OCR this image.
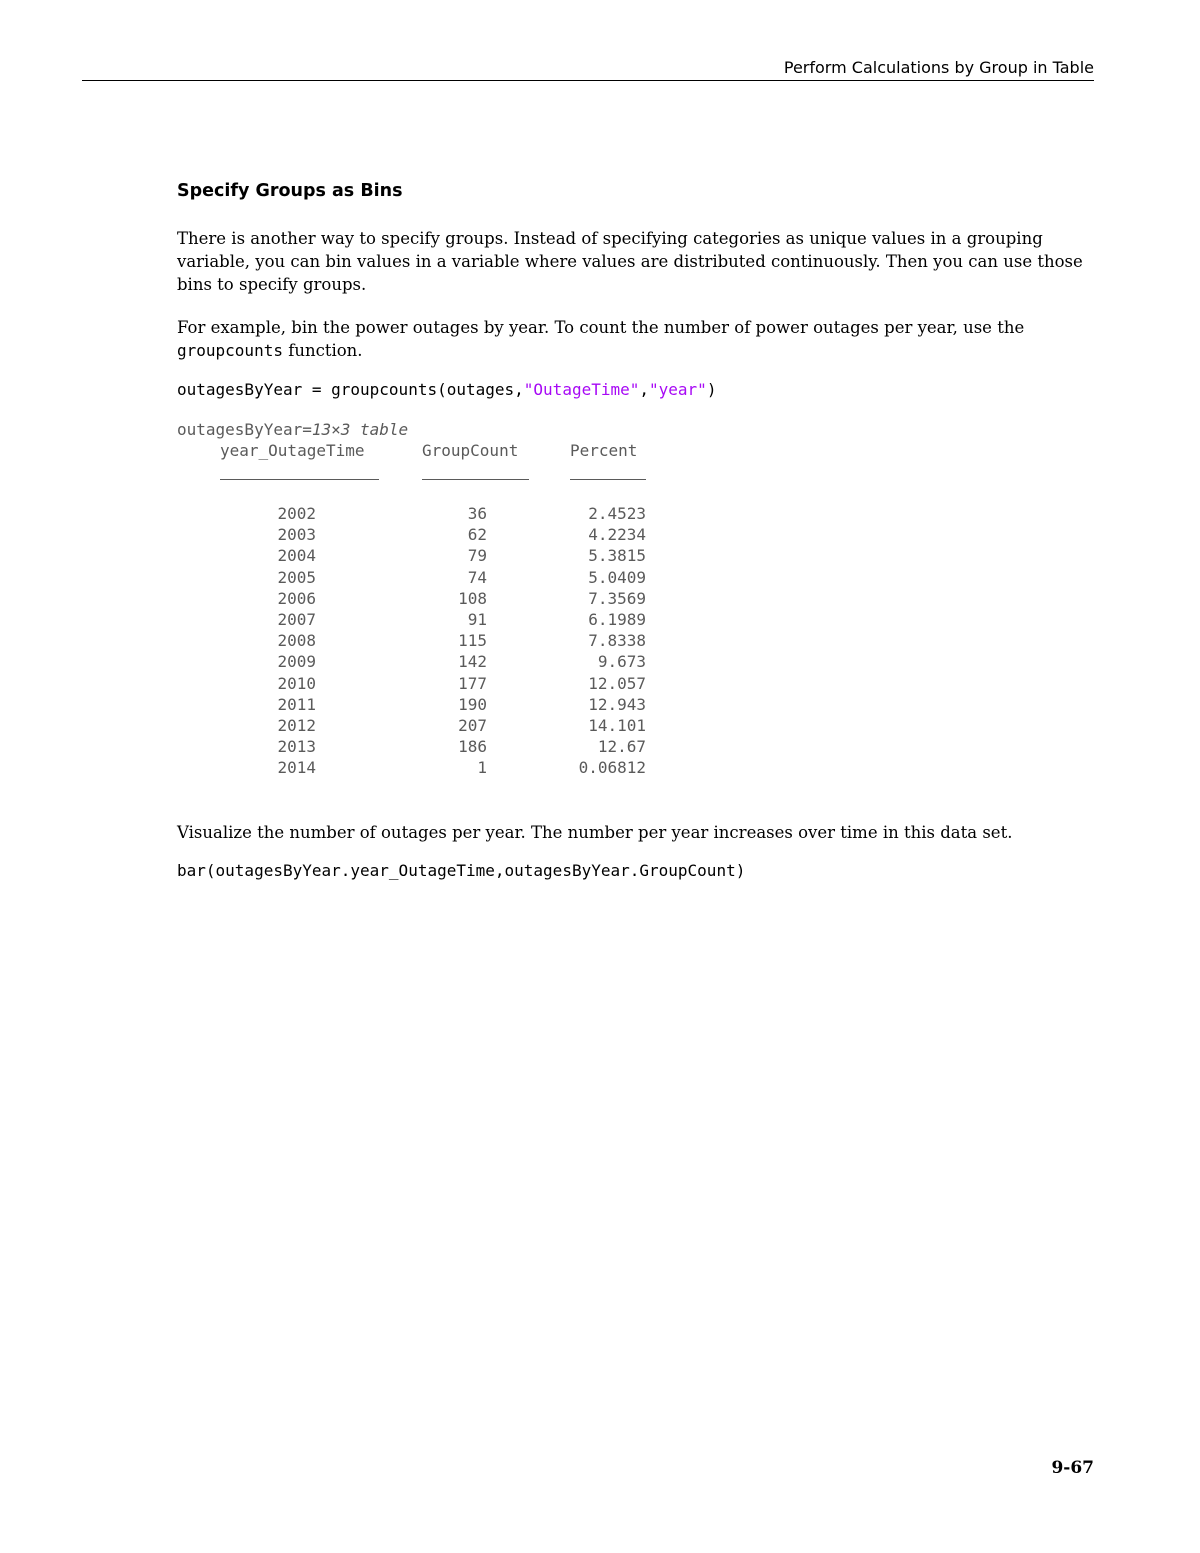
Perform Calculations by Group in Table
Specify Groups as Bins
There is another way to specify groups. Instead of specifying categories as unique values in a grouping variable, you can bin values in a variable where values are distributed continuously. Then you can use those bins to specify groups.
For example, bin the power outages by year. To count the number of power outages per year, use the groupcounts function.
outagesByYear = groupcounts(outages,"OutageTime","year")
outagesByYear=13×3 table
year_OutageTime	GroupCount	Percent
2002	36	2.4523
2003	62	4.2234
2004	79	5.3815
2005	74	5.0409
2006	108	7.3569
2007	91	6.1989
2008	115	7.8338
2009	142	9.673
2010	177	12.057
2011	190	12.943
2012	207	14.101
2013	186	12.67
2014	1	0.06812
Visualize the number of outages per year. The number per year increases over time in this data set.
bar(outagesByYear.year_OutageTime,outagesByYear.GroupCount)
9-67
